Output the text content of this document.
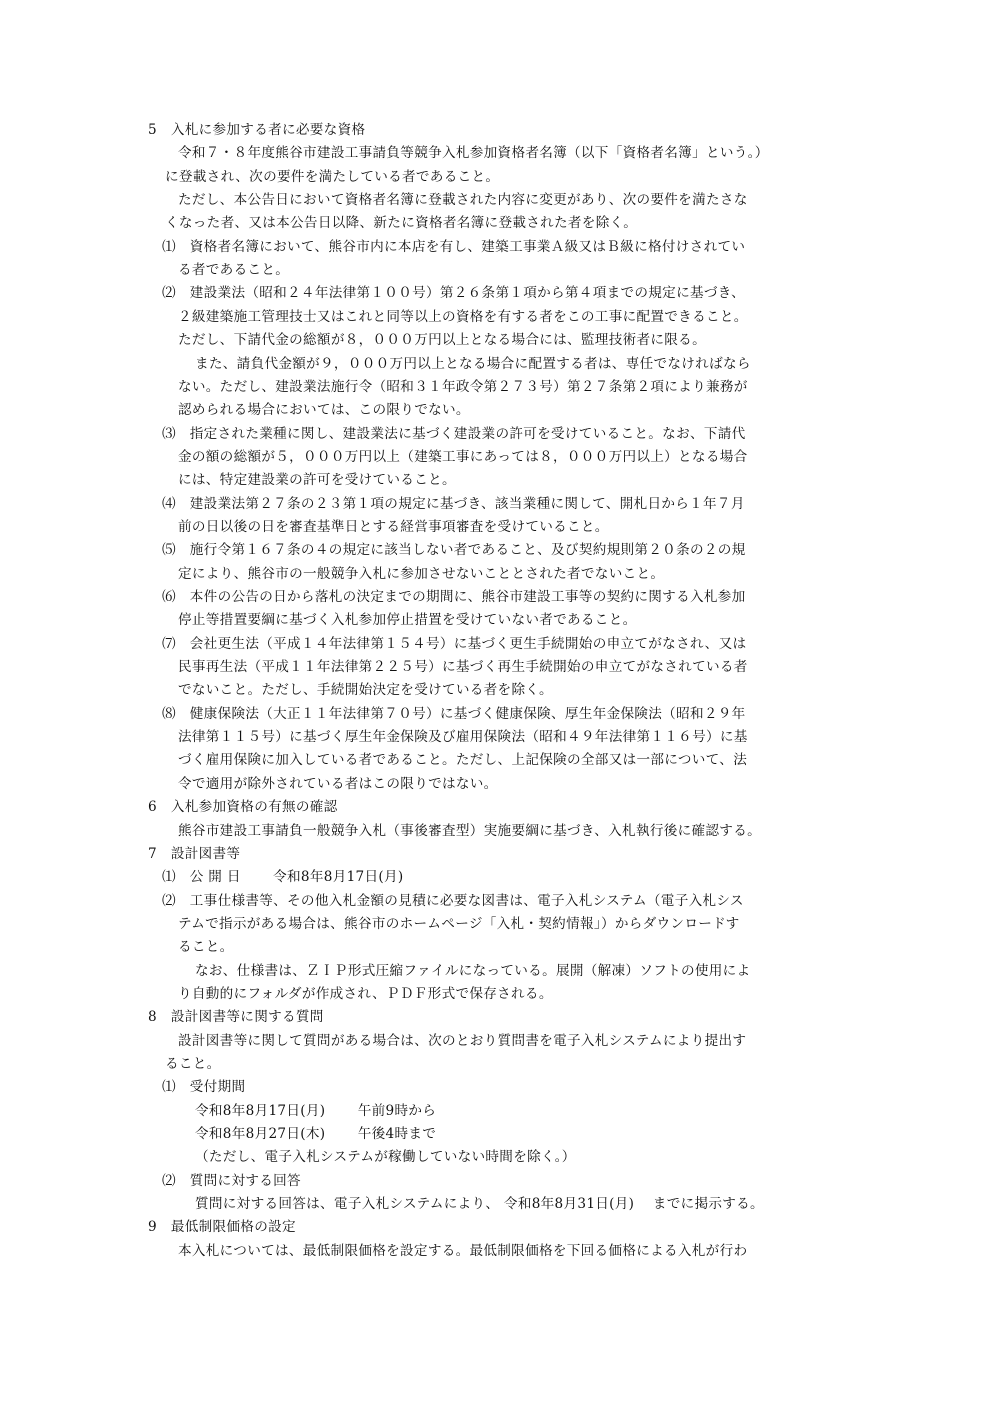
5　入札に参加する者に必要な資格
令和７・８年度熊谷市建設工事請負等競争入札参加資格者名簿（以下「資格者名簿」という。）
に登載され、次の要件を満たしている者であること。
ただし、本公告日において資格者名簿に登載された内容に変更があり、次の要件を満たさな
くなった者、又は本公告日以降、新たに資格者名簿に登載された者を除く。
⑴　資格者名簿において、熊谷市内に本店を有し、建築工事業Ａ級又はＢ級に格付けされてい
る者であること。
⑵　建設業法（昭和２４年法律第１００号）第２６条第１項から第４項までの規定に基づき、
２級建築施工管理技士又はこれと同等以上の資格を有する者をこの工事に配置できること。
ただし、下請代金の総額が８，０００万円以上となる場合には、監理技術者に限る。
また、請負代金額が９，０００万円以上となる場合に配置する者は、専任でなければなら
ない。ただし、建設業法施行令（昭和３１年政令第２７３号）第２７条第２項により兼務が
認められる場合においては、この限りでない。
⑶　指定された業種に関し、建設業法に基づく建設業の許可を受けていること。なお、下請代
金の額の総額が５，０００万円以上（建築工事にあっては８，０００万円以上）となる場合
には、特定建設業の許可を受けていること。
⑷　建設業法第２７条の２３第１項の規定に基づき、該当業種に関して、開札日から１年７月
前の日以後の日を審査基準日とする経営事項審査を受けていること。
⑸　施行令第１６７条の４の規定に該当しない者であること、及び契約規則第２０条の２の規
定により、熊谷市の一般競争入札に参加させないこととされた者でないこと。
⑹　本件の公告の日から落札の決定までの期間に、熊谷市建設工事等の契約に関する入札参加
停止等措置要綱に基づく入札参加停止措置を受けていない者であること。
⑺　会社更生法（平成１４年法律第１５４号）に基づく更生手続開始の申立てがなされ、又は
民事再生法（平成１１年法律第２２５号）に基づく再生手続開始の申立てがなされている者
でないこと。ただし、手続開始決定を受けている者を除く。
⑻　健康保険法（大正１１年法律第７０号）に基づく健康保険、厚生年金保険法（昭和２９年
法律第１１５号）に基づく厚生年金保険及び雇用保険法（昭和４９年法律第１１６号）に基
づく雇用保険に加入している者であること。ただし、上記保険の全部又は一部について、法
令で適用が除外されている者はこの限りではない。
6　入札参加資格の有無の確認
熊谷市建設工事請負一般競争入札（事後審査型）実施要綱に基づき、入札執行後に確認する。
7　設計図書等
⑴　公 開 日 　　令和8年8月17日(月)
⑵　工事仕様書等、その他入札金額の見積に必要な図書は、電子入札システム（電子入札シス
テムで指示がある場合は、熊谷市のホームページ「入札・契約情報」）からダウンロードす
ること。
なお、仕様書は、ＺＩＰ形式圧縮ファイルになっている。展開（解凍）ソフトの使用によ
り自動的にフォルダが作成され、ＰＤＦ形式で保存される。
8　設計図書等に関する質問
設計図書等に関して質問がある場合は、次のとおり質問書を電子入札システムにより提出す
ること。
⑴　受付期間
令和8年8月17日(月)　　 午前9時から
令和8年8月27日(木)　　 午後4時まで
（ただし、電子入札システムが稼働していない時間を除く。）
⑵　質問に対する回答
質問に対する回答は、電子入札システムにより、 令和8年8月31日(月)　 までに掲示する。
9　最低制限価格の設定
本入札については、最低制限価格を設定する。最低制限価格を下回る価格による入札が行わ
